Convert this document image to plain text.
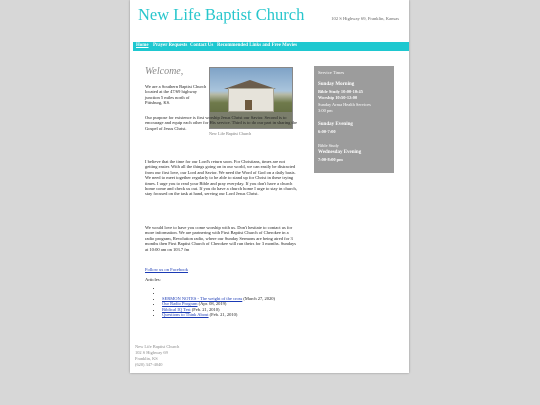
New Life Baptist Church	102 S Highway 69, Franklin, Kansas
Home Prayer Requests Contact Us Recommended Links and Free Movies
Welcome,
New Life Baptist Church

We are a Southern Baptist Church located at the 47/69 highway junction 5 miles north of Pittsburg, KS.

Our purpose for existence is first worship Jesus Christ our Savior. Second is to encourage and equip each other for His service. Third is to do our part in sharing the Gospel of Jesus Christ.

I believe that the time for our Lord's return soon. For Christians, times are not getting easier. With all the things going on in our world, we can easily be distracted from our first love, our Lord and Savior. We need the Word of God on a daily basis. We need to meet together regularly to be able to stand up for Christ in these trying times. I urge you to read your Bible and pray everyday. If you don't have a church home come and check us out. If you do have a church home I urge to stay in church, stay focused on the task at hand, serving our Lord Jesus Christ.

We would love to have you come worship with us. Don't hesitate to contact us for more information. We are partnering with First Baptist Church of Cherokee in a radio program, Revolution radio, where our Sunday Sermons are being aired for 3 months then First Baptist Church of Cherokee will run theirs for 3 months. Sundays at 10:00 am on 103.7 fm

Follow us on Facebook
Articles:
•
•
• SERMON NOTES - The weight of the cross (March 27, 2020)
• Our Radio Program (Apr. 08, 2019)
• Biblical IQ Test (Feb. 21, 2010)
• Questions to Think About (Feb. 21, 2010)
Service Times
Sunday Morning
Bible Study 10:00-10:45
Worship 10:50-12:00
Sunday Arma Health Services
3:00 pm
Sunday Evening
6:00-7:00
Bible Study
Wednesday Evening
7:00-8:00 pm
New Life Baptist Church
102 S Highway 69
Franklin, KS
(620) 347-4040
